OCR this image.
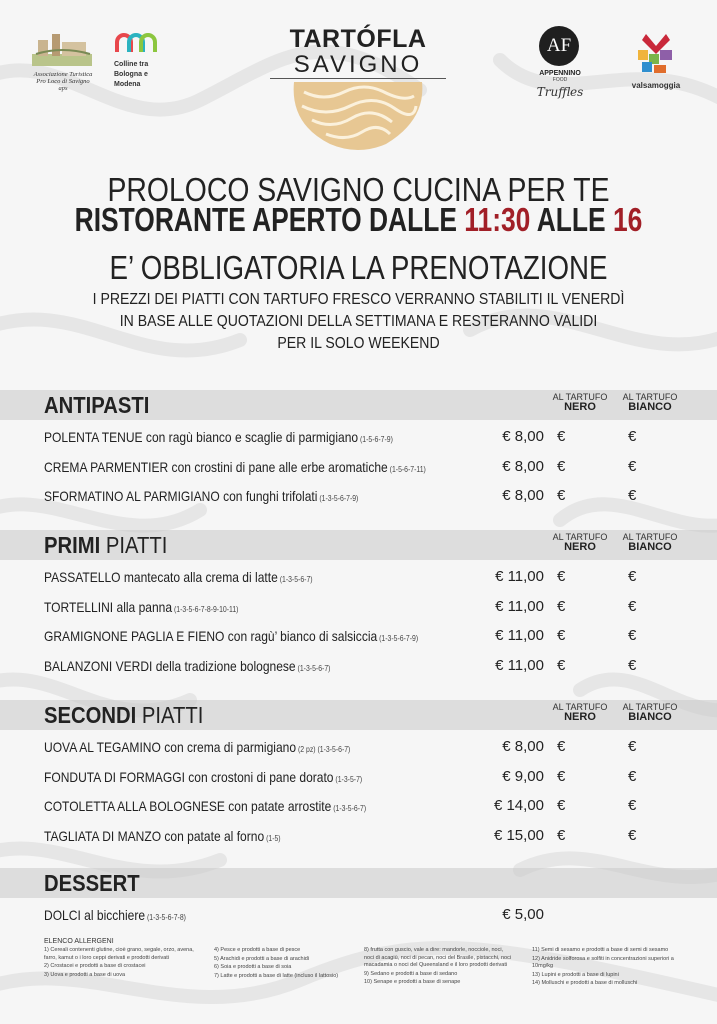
Associazione Turistica
Pro Loco di Savigno aps
Colline tra
Bologna e
Modena
TARTÓFLA
SAVIGNO
AF
APPENNINO
FOOD
Truffles	valsamoggia
PROLOCO SAVIGNO CUCINA PER TE
RISTORANTE APERTO DALLE 11:30 ALLE 16
E’ OBBLIGATORIA LA PRENOTAZIONE
I PREZZI DEI PIATTI CON TARTUFO FRESCO VERRANNO STABILITI IL VENERDÌ
IN BASE ALLE QUOTAZIONI DELLA SETTIMANA E RESTERANNO VALIDI
PER IL SOLO WEEKEND
ANTIPASTI	AL TARTUFO
NERO
AL TARTUFO
BIANCO
POLENTA TENUE con ragù bianco e scaglie di parmigiano (1-5-6-7-9)	€ 8,00 €	€
CREMA PARMENTIER con crostini di pane alle erbe aromatiche (1-5-6-7-11)	€ 8,00 €	€
SFORMATINO AL PARMIGIANO con funghi trifolati (1-3-5-6-7-9)	€ 8,00 €	€
PRIMI PIATTI	AL TARTUFO
NERO
AL TARTUFO
BIANCO
PASSATELLO mantecato alla crema di latte (1-3-5-6-7)	€ 11,00 €	€
TORTELLINI alla panna (1-3-5-6-7-8-9-10-11)	€ 11,00 €	€
GRAMIGNONE PAGLIA E FIENO con ragù’ bianco di salsiccia (1-3-5-6-7-9)	€ 11,00 €	€
BALANZONI VERDI della tradizione bolognese (1-3-5-6-7)	€ 11,00 €	€
SECONDI PIATTI	AL TARTUFO
NERO
AL TARTUFO
BIANCO
UOVA AL TEGAMINO con crema di parmigiano (2 pz) (1-3-5-6-7)	€ 8,00 €	€
FONDUTA DI FORMAGGI con crostoni di pane dorato (1-3-5-7)	€ 9,00 €	€
COTOLETTA ALLA BOLOGNESE con patate arrostite (1-3-5-6-7)	€ 14,00 €	€
TAGLIATA DI MANZO con patate al forno (1-5)	€ 15,00 €	€
DESSERT
DOLCI al bicchiere (1-3-5-6-7-8)	€ 5,00
ELENCO ALLERGENI
1) Cereali contenenti glutine, cioè grano, segale, orzo, avena, farro, kamut o i loro ceppi derivati e prodotti derivati
2) Crostacei e prodotti a base di crostacei
3) Uova e prodotti a base di uova
4) Pesce e prodotti a base di pesce
5) Arachidi e prodotti a base di arachidi
6) Soia e prodotti a base di soia
7) Latte e prodotti a base di latte (incluso il lattosio)
8) frutta con guscio, vale a dire: mandorle, nocciole, noci, noci di acagiù, noci di pecan, noci del Brasile, pistacchi, noci macadamia o noci del Queensland e il loro prodotti derivati
9) Sedano e prodotti a base di sedano
10) Senape e prodotti a base di senape
11) Semi di sesamo e prodotti a base di semi di sesamo
12) Anidride solforosa e solfiti in concentrazioni superiori a 10mg/kg
13) Lupini e prodotti a base di lupini
14) Molluschi e prodotti a base di molluschi
